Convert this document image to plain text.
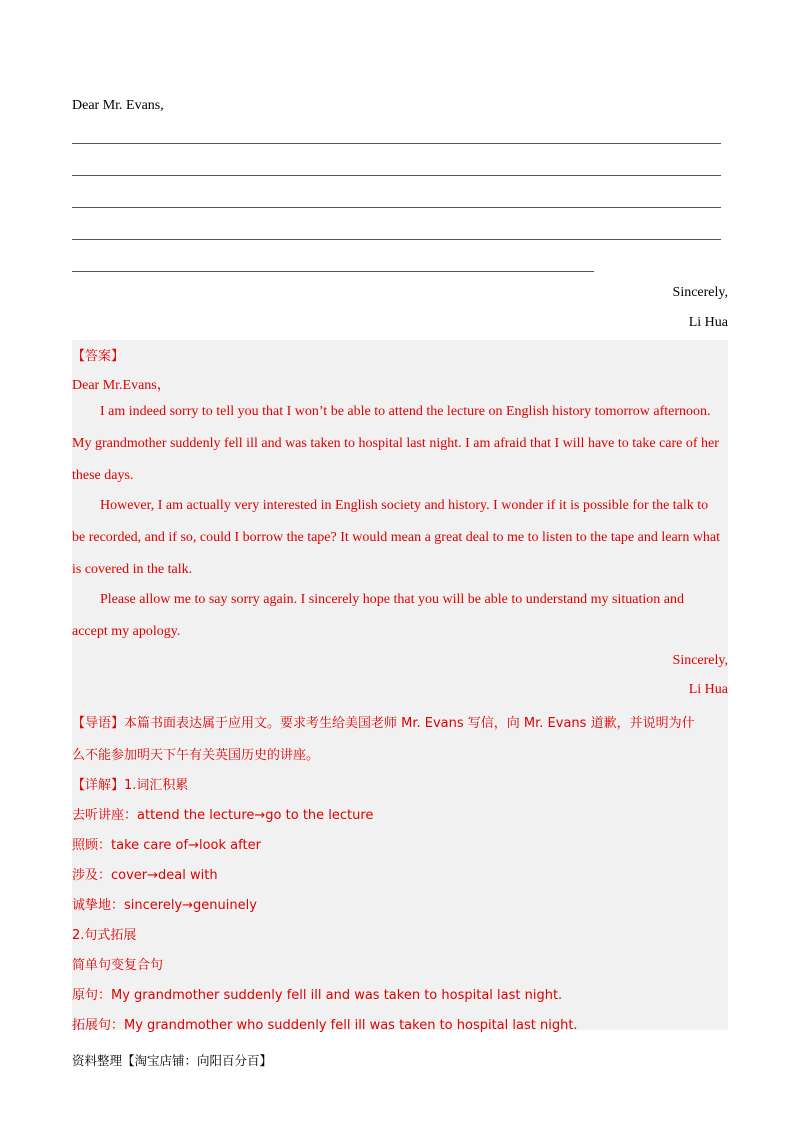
Dear Mr. Evans,
Sincerely,
Li Hua
【答案】
Dear Mr.Evans，
I am indeed sorry to tell you that I won’t be able to attend the lecture on English history tomorrow afternoon.
My grandmother suddenly fell ill and was taken to hospital last night. I am afraid that I will have to take care of her
these days.
However, I am actually very interested in English society and history. I wonder if it is possible for the talk to
be recorded, and if so, could I borrow the tape? It would mean a great deal to me to listen to the tape and learn what
is covered in the talk.
Please allow me to say sorry again. I sincerely hope that you will be able to understand my situation and
accept my apology.
Sincerely,
Li Hua
【导语】本篇书面表达属于应用文。要求考生给美国老师 Mr. Evans 写信，向 Mr. Evans 道歉，并说明为什
么不能参加明天下午有关英国历史的讲座。
【详解】1.词汇积累
去听讲座：attend the lecture→go to the lecture
照顾：take care of→look after
涉及：cover→deal with
诚挚地：sincerely→genuinely
2.句式拓展
简单句变复合句
原句：My grandmother suddenly fell ill and was taken to hospital last night.
拓展句：My grandmother who suddenly fell ill was taken to hospital last night.
资料整理【淘宝店铺：向阳百分百】
